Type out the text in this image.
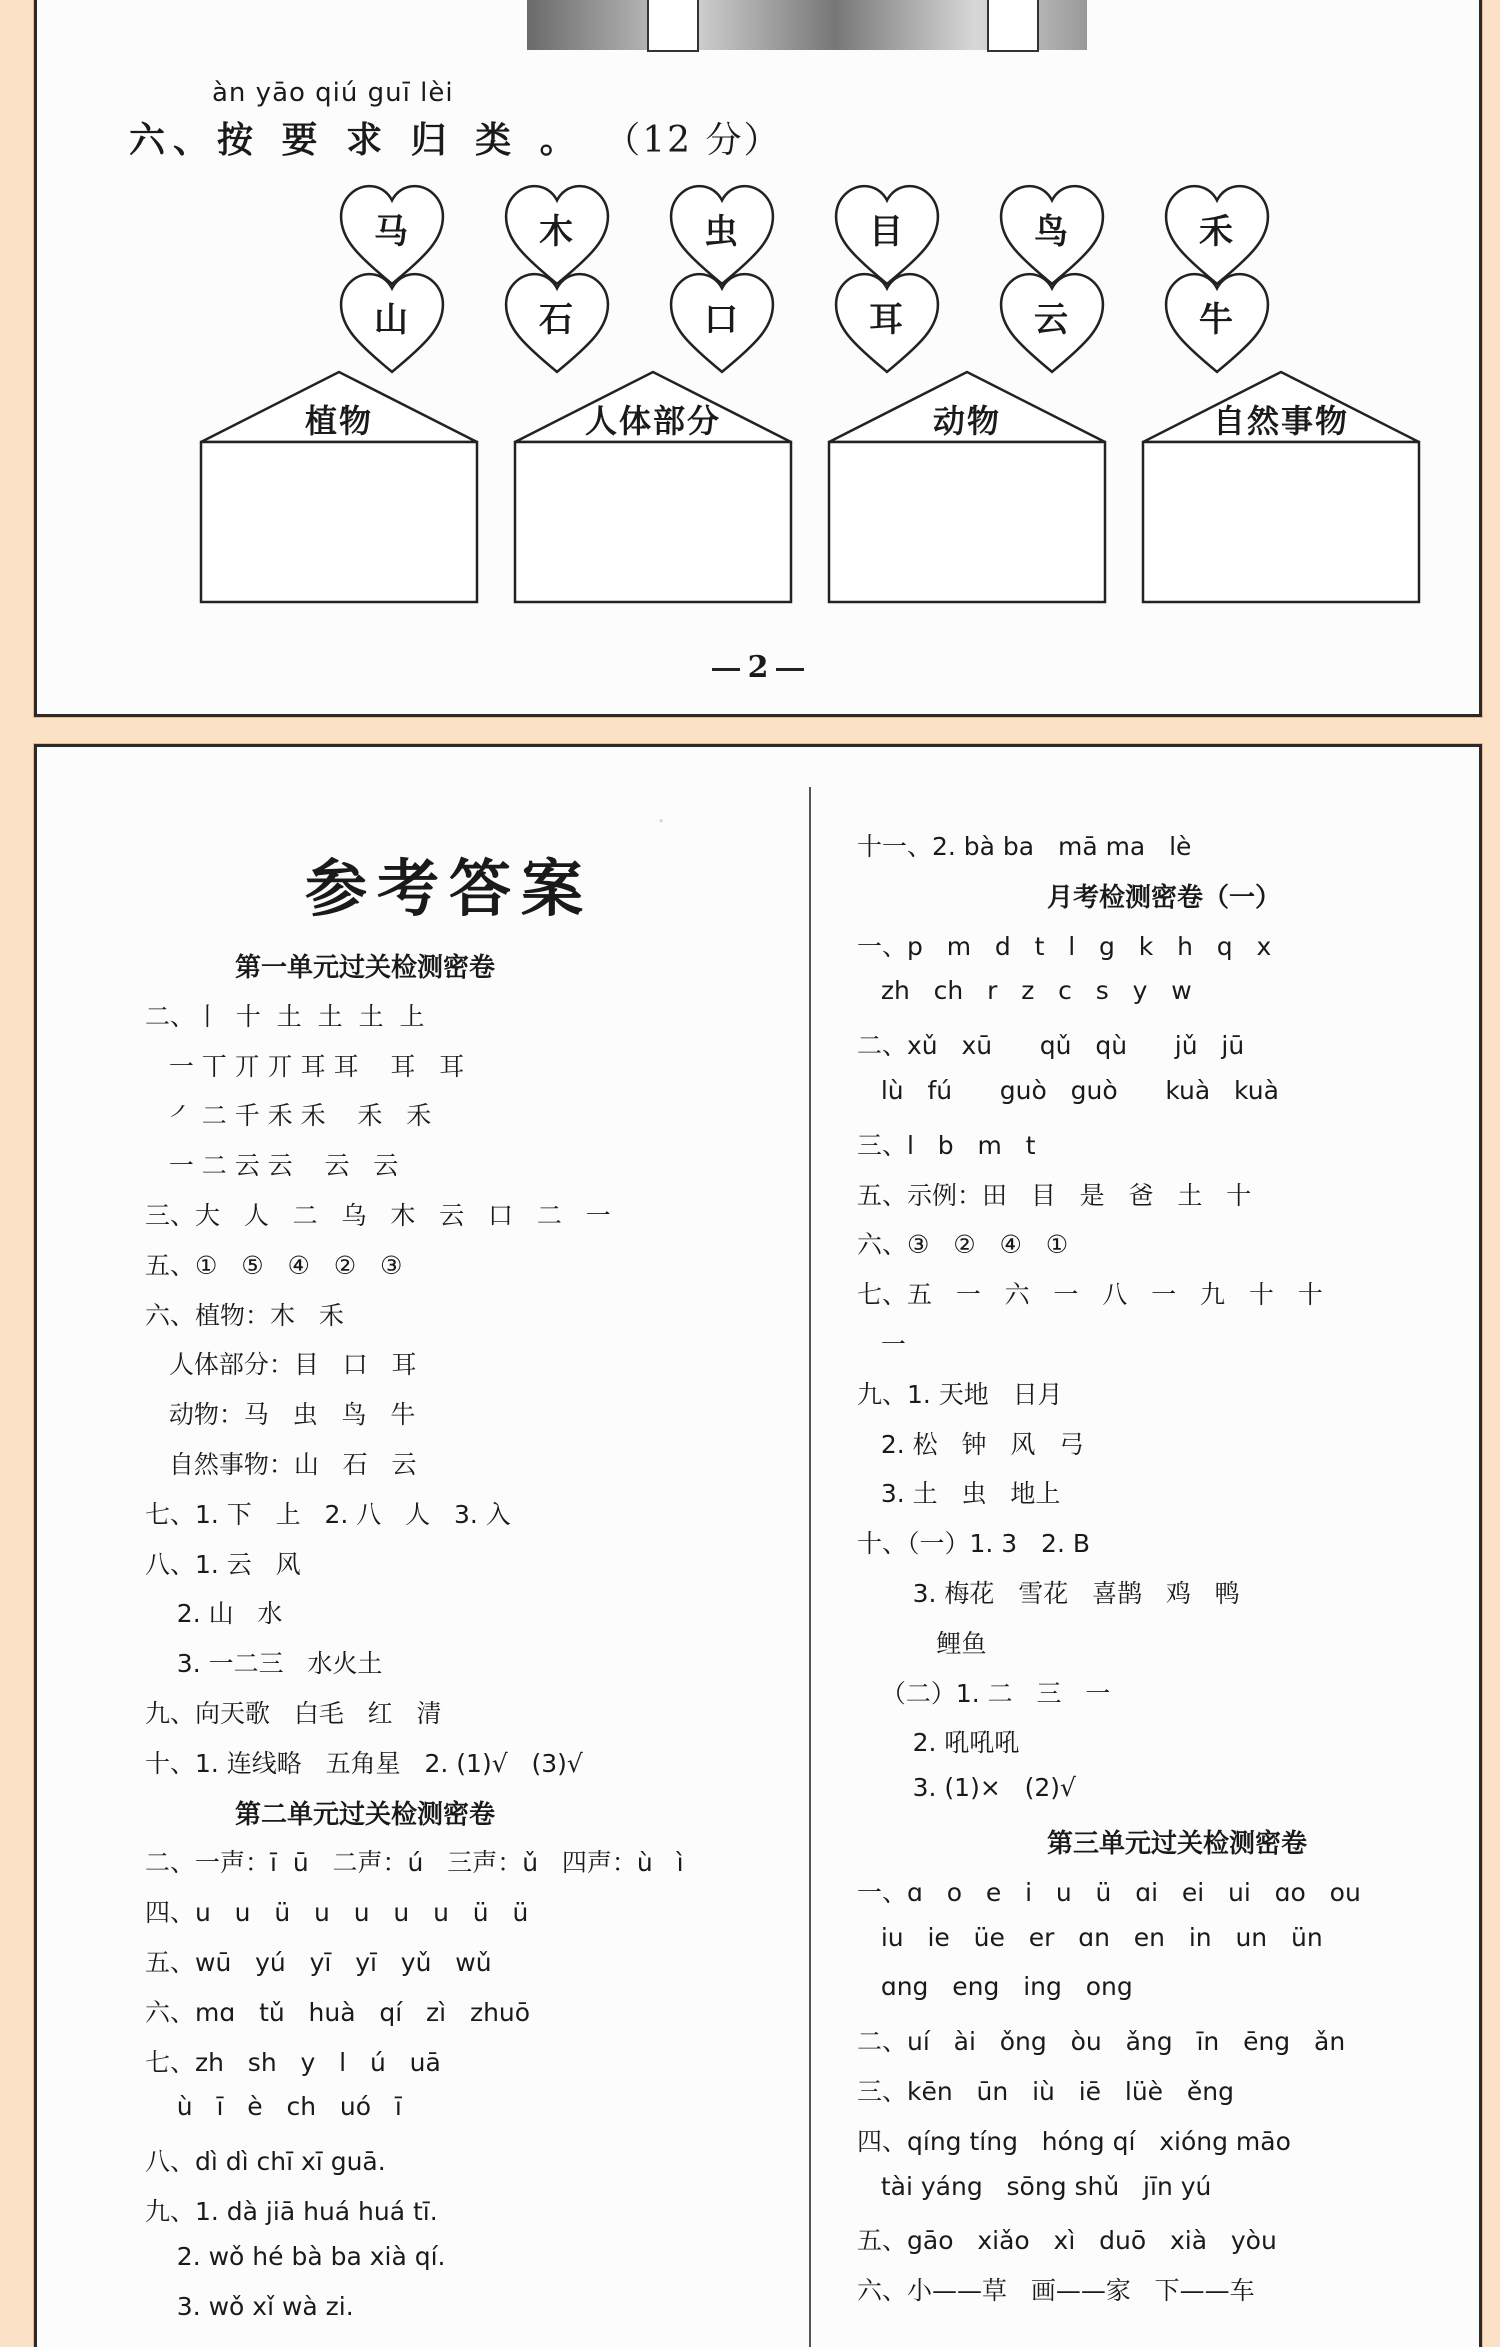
àn yāo qiú guī lèi
六、按 要 求 归 类 。 （12 分）
马	木	虫	目	鸟	禾
山	石	口	耳	云	牛
植物	人体部分	动物	自然事物
2
·
参考答案
第一单元过关检测密卷
二、丨  十  土  土  土  上
一 丅 丌 丌 耳 耳    耳   耳
㇒ 二 千 禾 禾    禾   禾
一 二 云 云    云   云
三、大   人   二   乌   木   云   口   二   一
五、①   ⑤   ④   ②   ③
六、植物：木   禾
人体部分：目   口   耳
动物：马   虫   鸟   牛
自然事物：山   石   云
七、1. 下   上   2. 八   人   3. 入
八、1. 云   风
2. 山   水
3. 一二三   水火土
九、向天歌   白毛   红   清
十、1. 连线略   五角星   2. (1)√   (3)√
第二单元过关检测密卷
二、一声：ī  ū   二声：ú   三声：ǔ   四声：ù   ì
四、u   u   ü   u   u   u   u   ü   ü
五、wū   yú   yī   yī   yǔ   wǔ
六、mɑ   tǔ   huà   qí   zì   zhuō
七、zh   sh   y   l   ú   uā
ù   ī   è   ch   uó   ī
八、dì dì chī xī guā.
九、1. dà jiā huá huá tī.
2. wǒ hé bà ba xià qí.
3. wǒ xǐ wà zi.
十一、2. bà ba   mā ma   lè
月考检测密卷（一）
一、p   m   d   t   l   g   k   h   q   x
zh   ch   r   z   c   s   y   w
二、xǔ   xū      qǔ   qù      jǔ   jū
lù   fú      guò   guò      kuà   kuà
三、l   b   m   t
五、示例：田   目   是   爸   土   十
六、③   ②   ④   ①
七、五   一   六   一   八   一   九   十   十
一
九、1. 天地   日月
2. 松   钟   风   弓
3. 土   虫   地上
十、（一）1. 3   2. B
3. 梅花   雪花   喜鹊   鸡   鸭
鲤鱼
（二）1. 二   三   一
2. 吼吼吼
3. (1)×   (2)√
第三单元过关检测密卷
一、ɑ   o   e   i   u   ü   ɑi   ei   ui   ɑo   ou
iu   ie   üe   er   ɑn   en   in   un   ün
ɑng   eng   ing   ong
二、uí   ài   ǒng   òu   ǎng   īn   ēng   ǎn
三、kēn   ūn   iù   iē   lüè   ěng
四、qíng tíng   hóng qí   xióng māo
tài yáng   sōng shǔ   jīn yú
五、gāo   xiǎo   xì   duō   xià   yòu
六、小——草   画——家   下——车
